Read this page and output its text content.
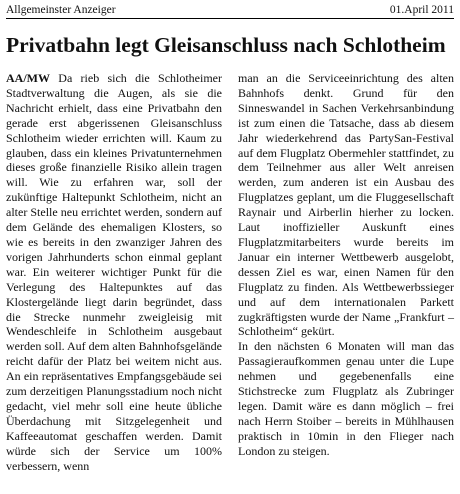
Allgemeinster Anzeiger	01.April 2011
Privatbahn legt Gleisanschluss nach Schlotheim

AA/MW Da rieb sich die Schlotheimer Stadtverwaltung die Augen, als sie die Nachricht erhielt, dass eine Privatbahn den gerade erst abgerissenen Gleisanschluss Schlotheim wieder errichten will. Kaum zu glauben, dass ein kleines Privatunternehmen dieses große finanzielle Risiko allein tragen will. Wie zu erfahren war, soll der zukünftige Haltepunkt Schlotheim, nicht an alter Stelle neu errichtet werden, sondern auf dem Gelände des ehemaligen Klosters, so wie es bereits in den zwanziger Jahren des vorigen Jahrhunderts schon einmal geplant war. Ein weiterer wichtiger Punkt für die Verlegung des Haltepunktes auf das Klostergelände liegt darin begründet, dass die Strecke nunmehr zweigleisig mit Wendeschleife in Schlotheim ausgebaut werden soll. Auf dem alten Bahnhofsgelände reicht dafür der Platz bei weitem nicht aus. An ein repräsentatives Empfangsgebäude sei zum derzeitigen Planungsstadium noch nicht gedacht, viel mehr soll eine heute übliche Überdachung mit Sitzgelegenheit und Kaffeeautomat geschaffen werden. Damit würde sich der Service um 100% verbessern, wenn

man an die Serviceeinrichtung des alten Bahnhofs denkt. Grund für den Sinneswandel in Sachen Verkehrsanbindung ist zum einen die Tatsache, dass ab diesem Jahr wiederkehrend das PartySan-Festival auf dem Flugplatz Obermehler stattfindet, zu dem Teilnehmer aus aller Welt anreisen werden, zum anderen ist ein Ausbau des Flugplatzes geplant, um die Fluggesellschaft Raynair und Airberlin hierher zu locken. Laut inoffizieller Auskunft eines Flugplatzmitarbeiters wurde bereits im Januar ein interner Wettbewerb ausgelobt, dessen Ziel es war, einen Namen für den Flugplatz zu finden. Als Wettbewerbssieger und auf dem internationalen Parkett zugkräftigsten wurde der Name „Frankfurt – Schlotheim“ gekürt.

In den nächsten 6 Monaten will man das Passagieraufkommen genau unter die Lupe nehmen und gegebenenfalls eine Stichstrecke zum Flugplatz als Zubringer legen. Damit wäre es dann möglich – frei nach Herrn Stoiber – bereits in Mühlhausen praktisch in 10min in den Flieger nach London zu steigen.
